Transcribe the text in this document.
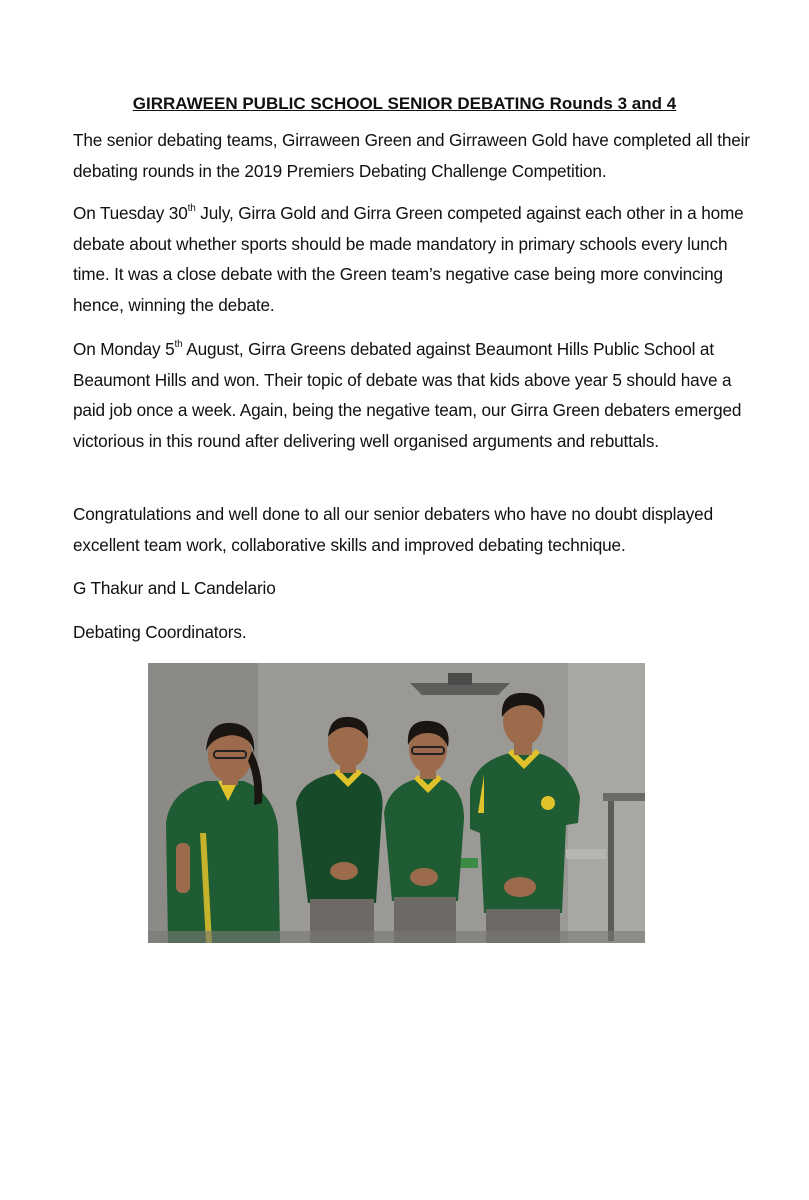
GIRRAWEEN PUBLIC SCHOOL SENIOR DEBATING Rounds 3 and 4
The senior debating teams, Girraween Green and Girraween Gold have completed all their debating rounds in the 2019 Premiers Debating Challenge Competition.
On Tuesday 30th July, Girra Gold and Girra Green competed against each other in a home debate about whether sports should be made mandatory in primary schools every lunch time. It was a close debate with the Green team’s negative case being more convincing hence, winning the debate.
On Monday 5th August, Girra Greens debated against Beaumont Hills Public School at Beaumont Hills and won. Their topic of debate was that kids above year 5 should have a paid job once a week. Again, being the negative team, our Girra Green debaters emerged victorious in this round after delivering well organised arguments and rebuttals.
Congratulations and well done to all our senior debaters who have no doubt displayed excellent team work, collaborative skills and improved debating technique.
G Thakur and L Candelario
Debating Coordinators.
